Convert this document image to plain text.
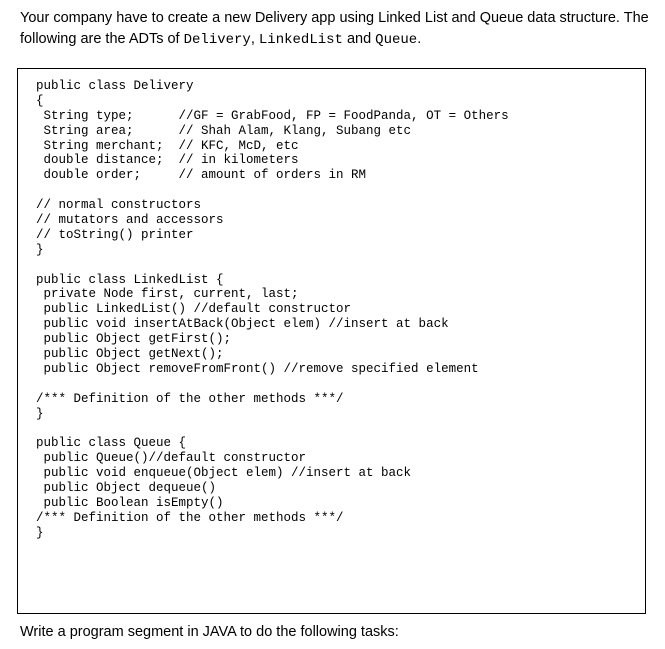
Your company have to create a new Delivery app using Linked List and Queue data structure. The following are the ADTs of Delivery, LinkedList and Queue.
public class Delivery
{
String type;      //GF = GrabFood, FP = FoodPanda, OT = Others
String area;      // Shah Alam, Klang, Subang etc
String merchant;  // KFC, McD, etc
double distance;  // in kilometers
double order;     // amount of orders in RM
// normal constructors
// mutators and accessors
// toString() printer
}
public class LinkedList {
private Node first, current, last;
public LinkedList() //default constructor
public void insertAtBack(Object elem) //insert at back
public Object getFirst();
public Object getNext();
public Object removeFromFront() //remove specified element
/*** Definition of the other methods ***/
}
public class Queue {
public Queue()//default constructor
public void enqueue(Object elem) //insert at back
public Object dequeue()
public Boolean isEmpty()
/*** Definition of the other methods ***/
}
Write a program segment in JAVA to do the following tasks:
